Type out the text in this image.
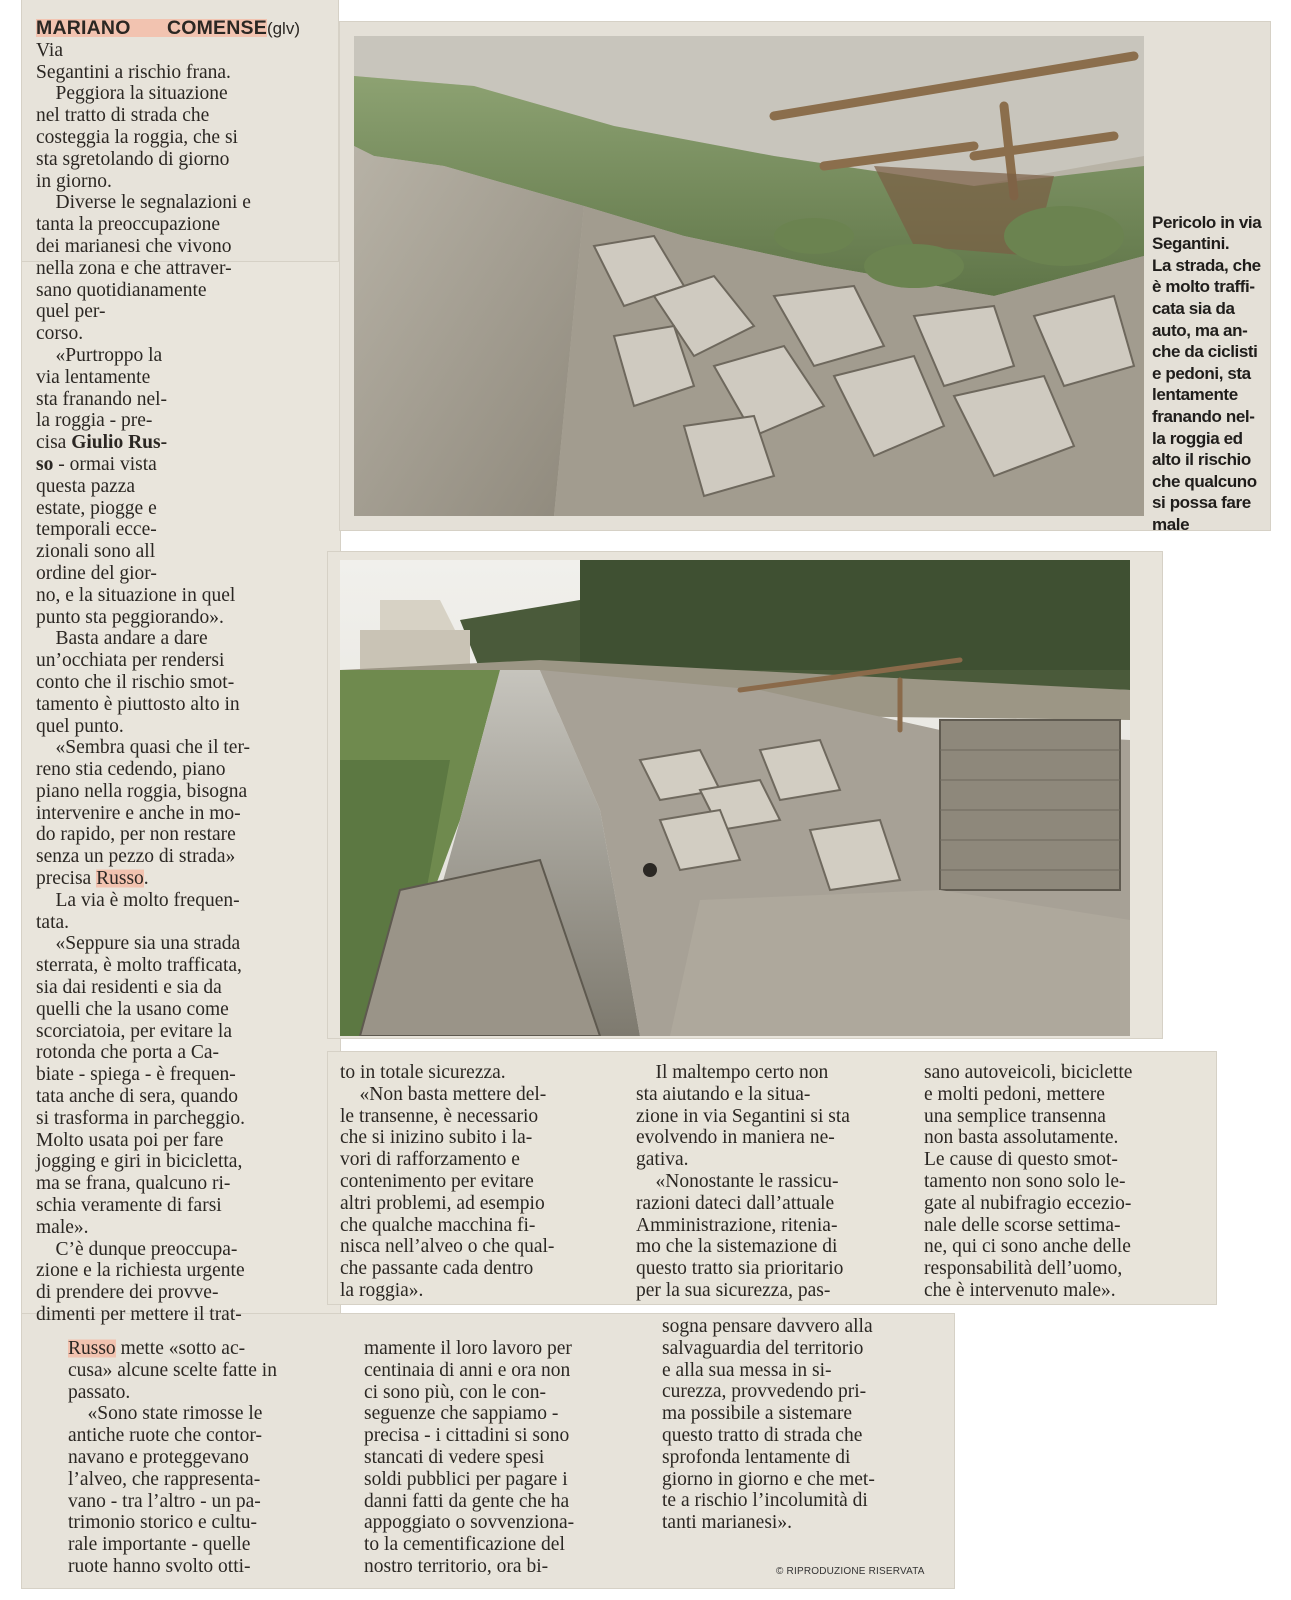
Pericolo in via
Segantini.
La strada, che
è molto traffi-
cata sia da
auto, ma an-
che da ciclisti
e pedoni, sta
lentamente
franando nel-
la roggia ed
alto il rischio
che qualcuno
si possa fare
male

MARIANO COMENSE(glv) Via
Segantini a rischio frana.

 Peggiora la situazione
nel tratto di strada che
costeggia la roggia, che si
sta sgretolando di giorno
in giorno.

 Diverse le segnalazioni e
tanta la preoccupazione
dei marianesi che vivono
nella zona e che attraver-
sano quotidianamente
quel per-
corso.

 «Purtroppo la
via lentamente
sta franando nel-
la roggia - pre-
cisa Giulio Rus-
so - ormai vista
questa pazza
estate, piogge e
temporali ecce-
zionali sono all
ordine del gior-
no, e la situazione in quel
punto sta peggiorando».

 Basta andare a dare
un’occhiata per rendersi
conto che il rischio smot-
tamento è piuttosto alto in
quel punto.

 «Sembra quasi che il ter-
reno stia cedendo, piano
piano nella roggia, bisogna
intervenire e anche in mo-
do rapido, per non restare
senza un pezzo di strada»
precisa Russo.

 La via è molto frequen-
tata.

 «Seppure sia una strada
sterrata, è molto trafficata,
sia dai residenti e sia da
quelli che la usano come
scorciatoia, per evitare la
rotonda che porta a Ca-
biate - spiega - è frequen-
tata anche di sera, quando
si trasforma in parcheggio.
Molto usata poi per fare
jogging e giri in bicicletta,
ma se frana, qualcuno ri-
schia veramente di farsi
male».

 C’è dunque preoccupa-
zione e la richiesta urgente
di prendere dei provve-
dimenti per mettere il trat-

to in totale sicurezza.
 «Non basta mettere del-
le transenne, è necessario
che si inizino subito i la-
vori di rafforzamento e
contenimento per evitare
altri problemi, ad esempio
che qualche macchina fi-
nisca nell’alveo o che qual-
che passante cada dentro
la roggia».

 Il maltempo certo non
sta aiutando e la situa-
zione in via Segantini si sta
evolvendo in maniera ne-
gativa.
 «Nonostante le rassicu-
razioni dateci dall’attuale
Amministrazione, ritenia-
mo che la sistemazione di
questo tratto sia prioritario
per la sua sicurezza, pas-

sano autoveicoli, biciclette
e molti pedoni, mettere
una semplice transenna
non basta assolutamente.
Le cause di questo smot-
tamento non sono solo le-
gate al nubifragio eccezio-
nale delle scorse settima-
ne, qui ci sono anche delle
responsabilità dell’uomo,
che è intervenuto male».

Russo mette «sotto ac-
cusa» alcune scelte fatte in
passato.

 «Sono state rimosse le
antiche ruote che contor-
navano e proteggevano
l’alveo, che rappresenta-
vano - tra l’altro - un pa-
trimonio storico e cultu-
rale importante - quelle
ruote hanno svolto otti-

mamente il loro lavoro per
centinaia di anni e ora non
ci sono più, con le con-
seguenze che sappiamo -
precisa - i cittadini si sono
stancati di vedere spesi
soldi pubblici per pagare i
danni fatti da gente che ha
appoggiato o sovvenziona-
to la cementificazione del
nostro territorio, ora bi-

sogna pensare davvero alla
salvaguardia del territorio
e alla sua messa in si-
curezza, provvedendo pri-
ma possibile a sistemare
questo tratto di strada che
sprofonda lentamente di
giorno in giorno e che met-
te a rischio l’incolumità di
tanti marianesi».

© RIPRODUZIONE RISERVATA
